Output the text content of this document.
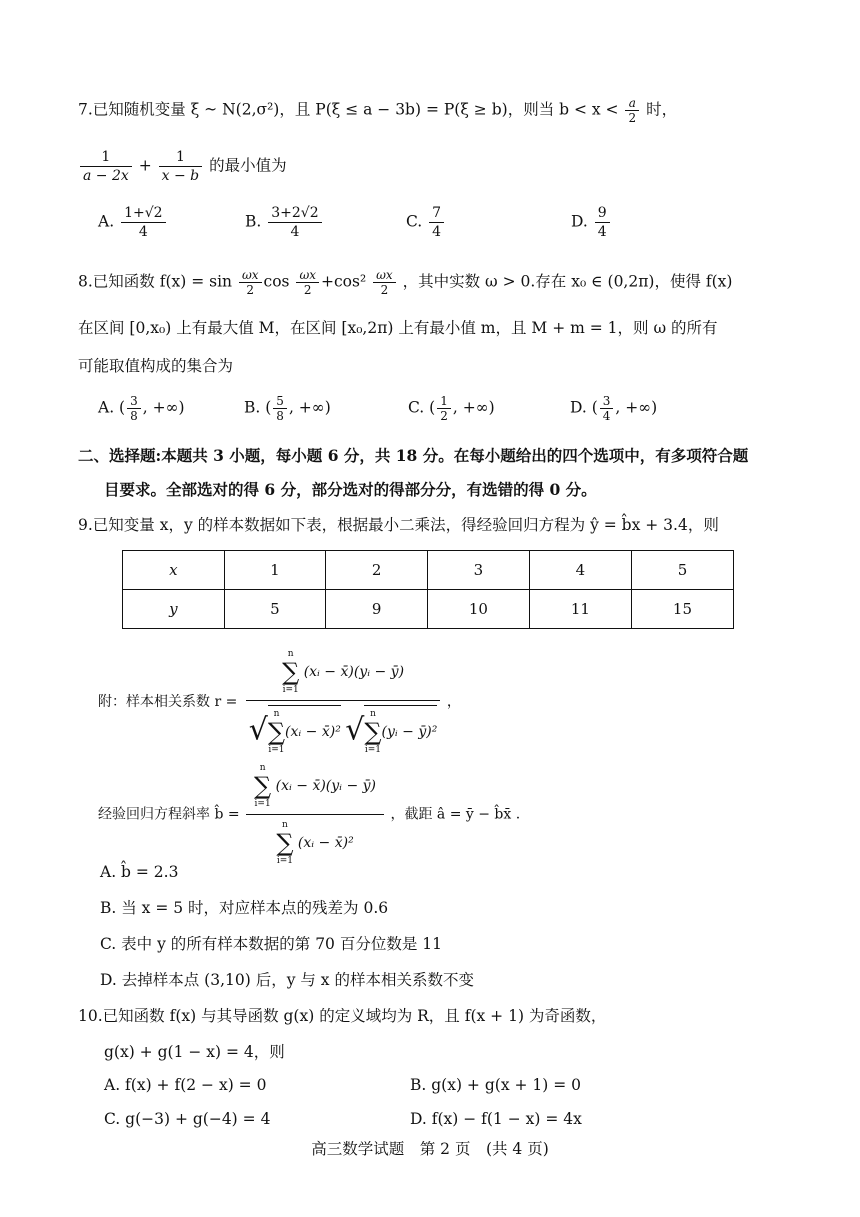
7.已知随机变量 ξ ~ N(2,σ²)，且 P(ξ ≤ a − 3b) = P(ξ ≥ b)，则当 $b < x < \frac{a}{2}$ 时，
$\frac{1}{a - 2x} + \frac{1}{x - b}$ 的最小值为
A. $\frac{1+√2}{4}$	B. $\frac{3+2√2}{4}$	C. $\frac{7}{4}$	D. $\frac{9}{4}$
8.已知函数 $f(x) = \sin \frac{\omega x}{2}$ $\cos \frac{\omega x}{2} +\cos^2 \frac{\omega x}{2}$ ，其中实数 ω > 0.存在 x₀ ∈ (0,2π)，使得 f(x)
在区间 [0,x₀) 上有最大值 M，在区间 [x₀,2π) 上有最小值 m，且 M + m = 1，则 ω 的所有
可能取值构成的集合为
A. ( $\frac{3}{8}$ , +∞)	B. ( $\frac{5}{8}$ , +∞)	C. ( $\frac{1}{2}$ , +∞)	D. ( $\frac{3}{4}$ , +∞)
二、选择题:本题共 3 小题，每小题 6 分，共 18 分。在每小题给出的四个选项中，有多项符合题
目要求。全部选对的得 6 分，部分选对的得部分分，有选错的得 0 分。
9.已知变量 x，y 的样本数据如下表，根据最小二乘法，得经验回归方程为 ŷ = b̂x + 3.4，则
x	1	2	3	4	5
y	5	9	10	11	15
附：样本相关系数 r = n
∑
i=1
(xᵢ − x̄)(yᵢ − ȳ)
√ n
∑
i=1
(xᵢ − x̄)² √ n
∑
i=1
(yᵢ − ȳ)² ，
经验回归方程斜率 b̂ = n
∑
i=1
(xᵢ − x̄)(yᵢ − ȳ)
n
∑
i=1
(xᵢ − x̄)² ，截距 â = ȳ − b̂x̄ .
A. b̂ = 2.3
B. 当 x = 5 时，对应样本点的残差为 0.6
C. 表中 y 的所有样本数据的第 70 百分位数是 11
D. 去掉样本点 (3,10) 后，y 与 x 的样本相关系数不变
10.已知函数 f(x) 与其导函数 g(x) 的定义域均为 R，且 f(x + 1) 为奇函数，
g(x) + g(1 − x) = 4，则
A. f(x) + f(2 − x) = 0	B. g(x) + g(x + 1) = 0
C. g(−3) + g(−4) = 4	D. f(x) − f(1 − x) = 4x
高三数学试题　第 2 页　(共 4 页)
